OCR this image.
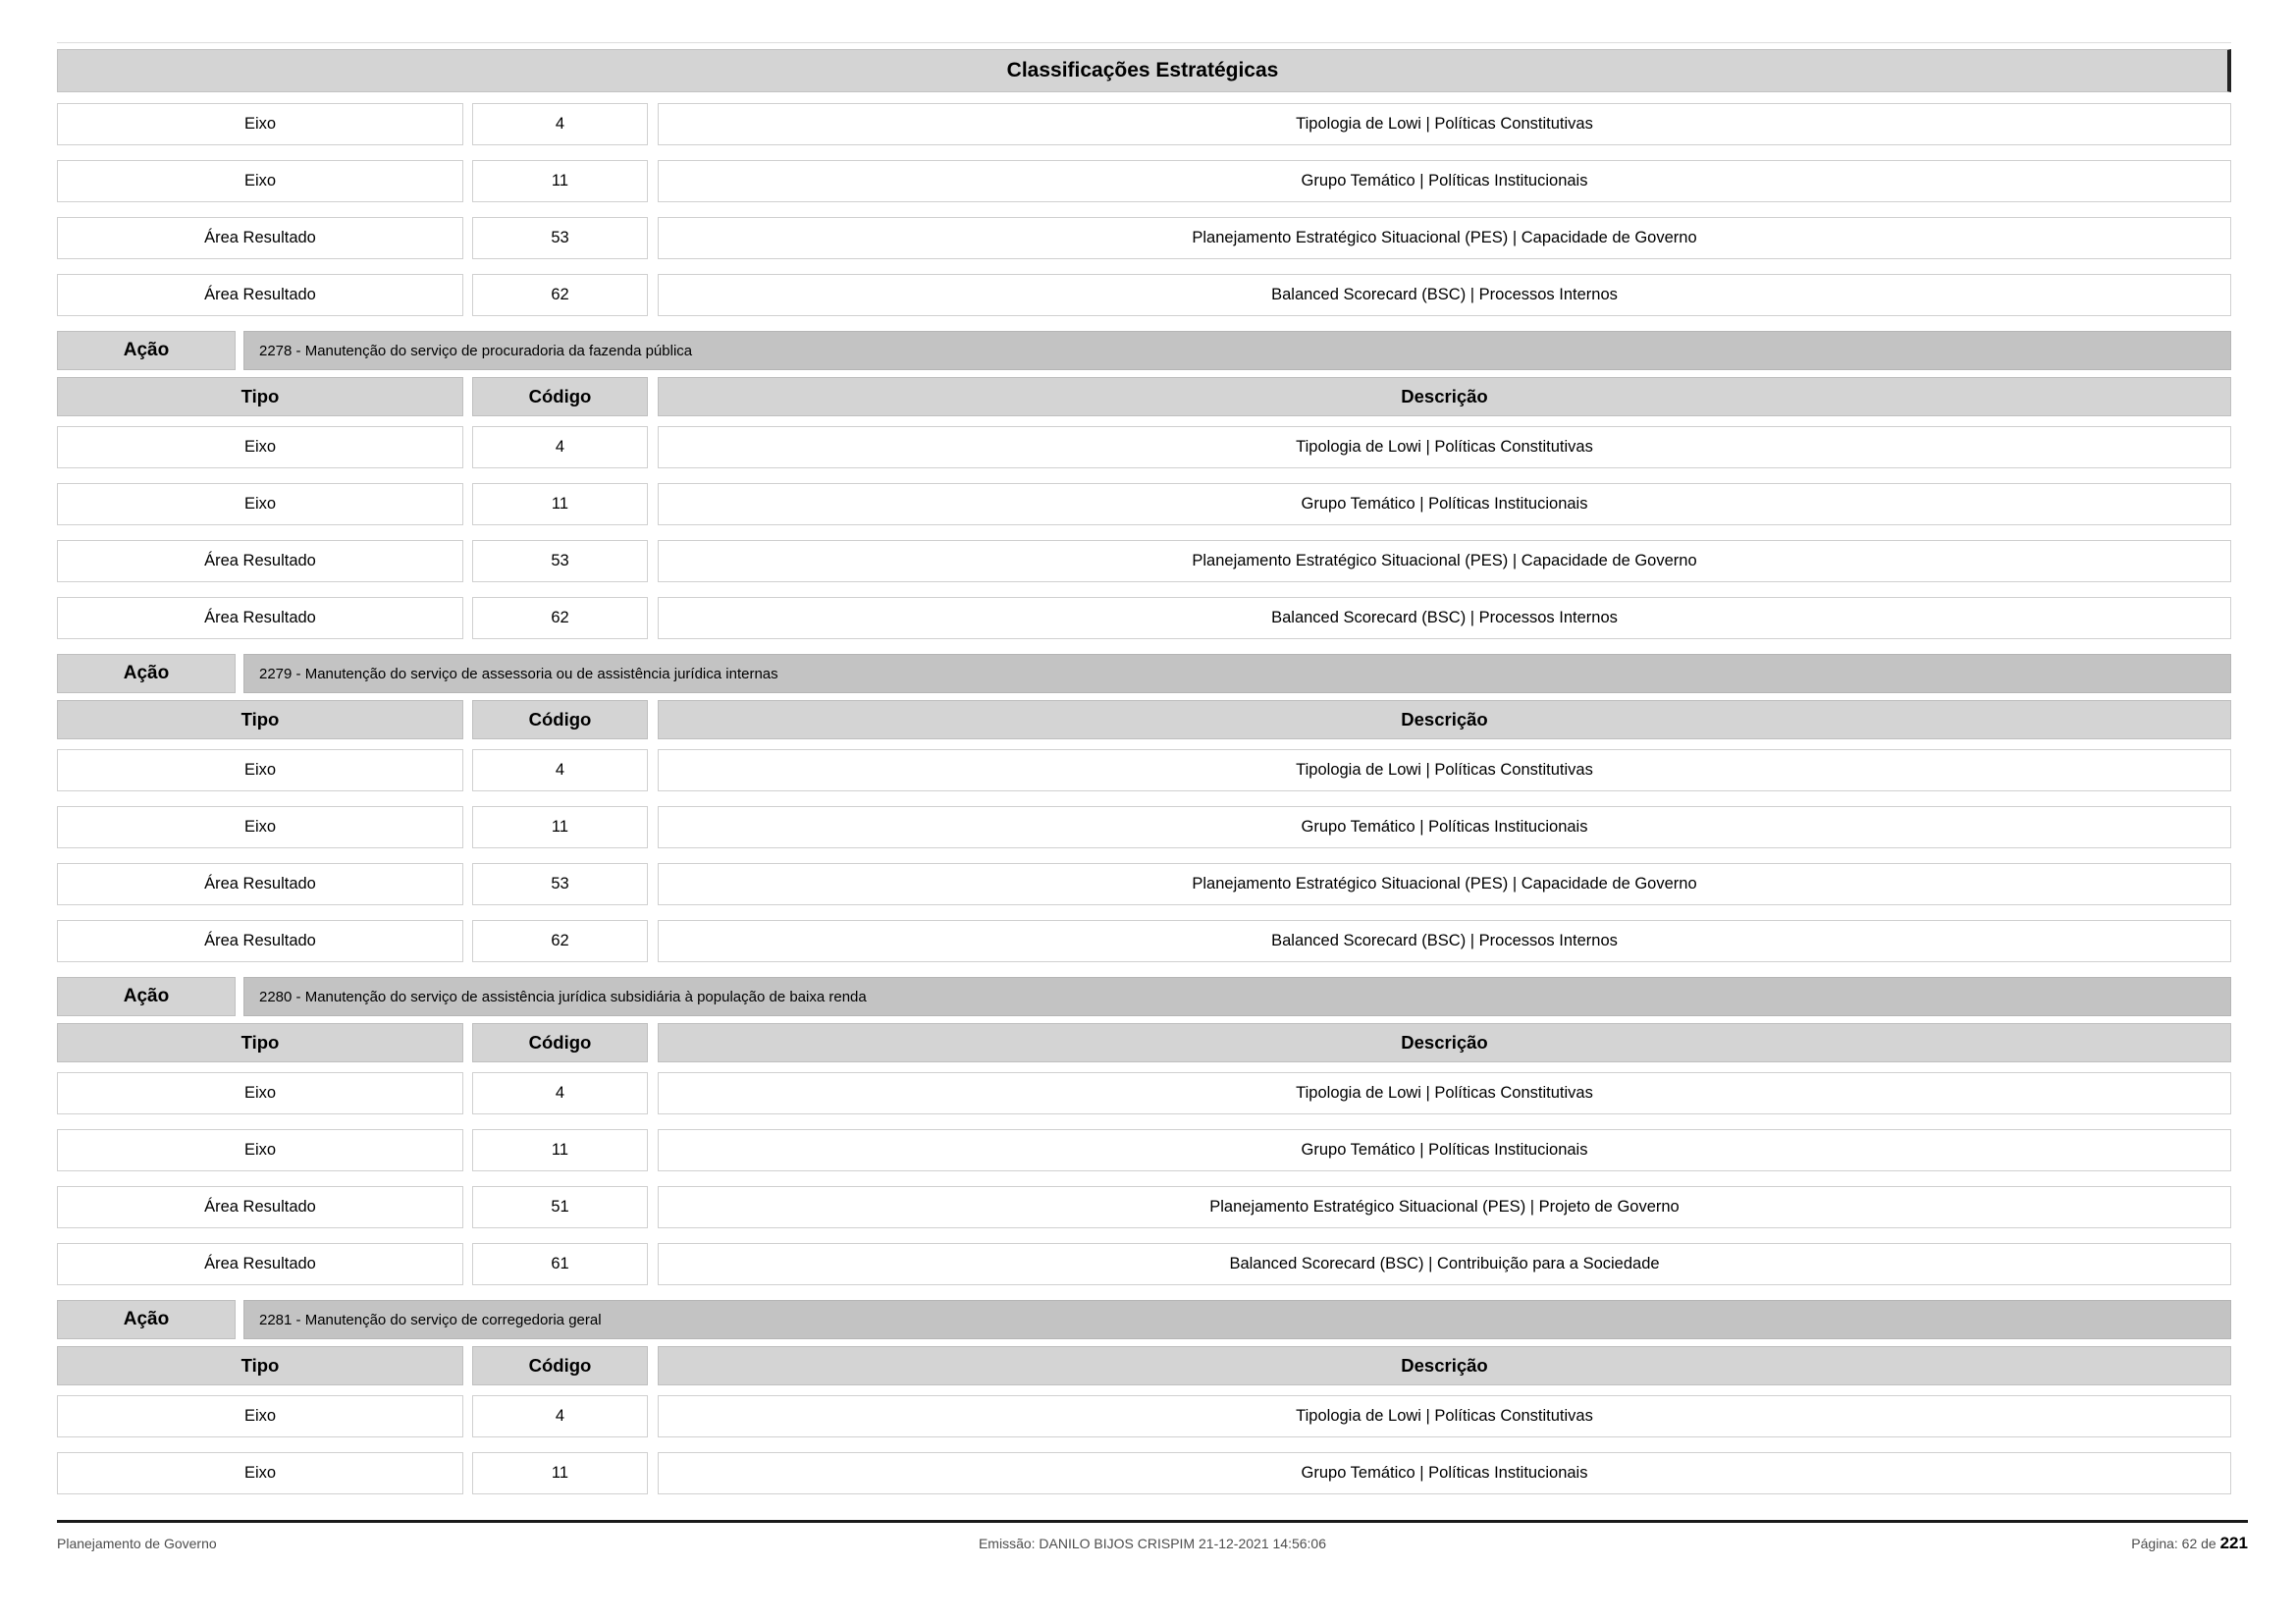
Classificações Estratégicas
Eixo	4	Tipologia de Lowi | Políticas Constitutivas
Eixo	11	Grupo Temático | Políticas Institucionais
Área Resultado	53	Planejamento Estratégico Situacional (PES) | Capacidade de Governo
Área Resultado	62	Balanced Scorecard (BSC) | Processos Internos
Ação	2278 - Manutenção do serviço de procuradoria da fazenda pública
Tipo	Código	Descrição
Eixo	4	Tipologia de Lowi | Políticas Constitutivas
Eixo	11	Grupo Temático | Políticas Institucionais
Área Resultado	53	Planejamento Estratégico Situacional (PES) | Capacidade de Governo
Área Resultado	62	Balanced Scorecard (BSC) | Processos Internos
Ação	2279 - Manutenção do serviço de assessoria ou de assistência jurídica internas
Tipo	Código	Descrição
Eixo	4	Tipologia de Lowi | Políticas Constitutivas
Eixo	11	Grupo Temático | Políticas Institucionais
Área Resultado	53	Planejamento Estratégico Situacional (PES) | Capacidade de Governo
Área Resultado	62	Balanced Scorecard (BSC) | Processos Internos
Ação	2280 - Manutenção do serviço de assistência jurídica subsidiária à população de baixa renda
Tipo	Código	Descrição
Eixo	4	Tipologia de Lowi | Políticas Constitutivas
Eixo	11	Grupo Temático | Políticas Institucionais
Área Resultado	51	Planejamento Estratégico Situacional (PES) | Projeto de Governo
Área Resultado	61	Balanced Scorecard (BSC) | Contribuição para a Sociedade
Ação	2281 - Manutenção do serviço de corregedoria geral
Tipo	Código	Descrição
Eixo	4	Tipologia de Lowi | Políticas Constitutivas
Eixo	11	Grupo Temático | Políticas Institucionais
Planejamento de Governo	Emissão: DANILO BIJOS CRISPIM 21-12-2021 14:56:06	Página: 62 de 221
